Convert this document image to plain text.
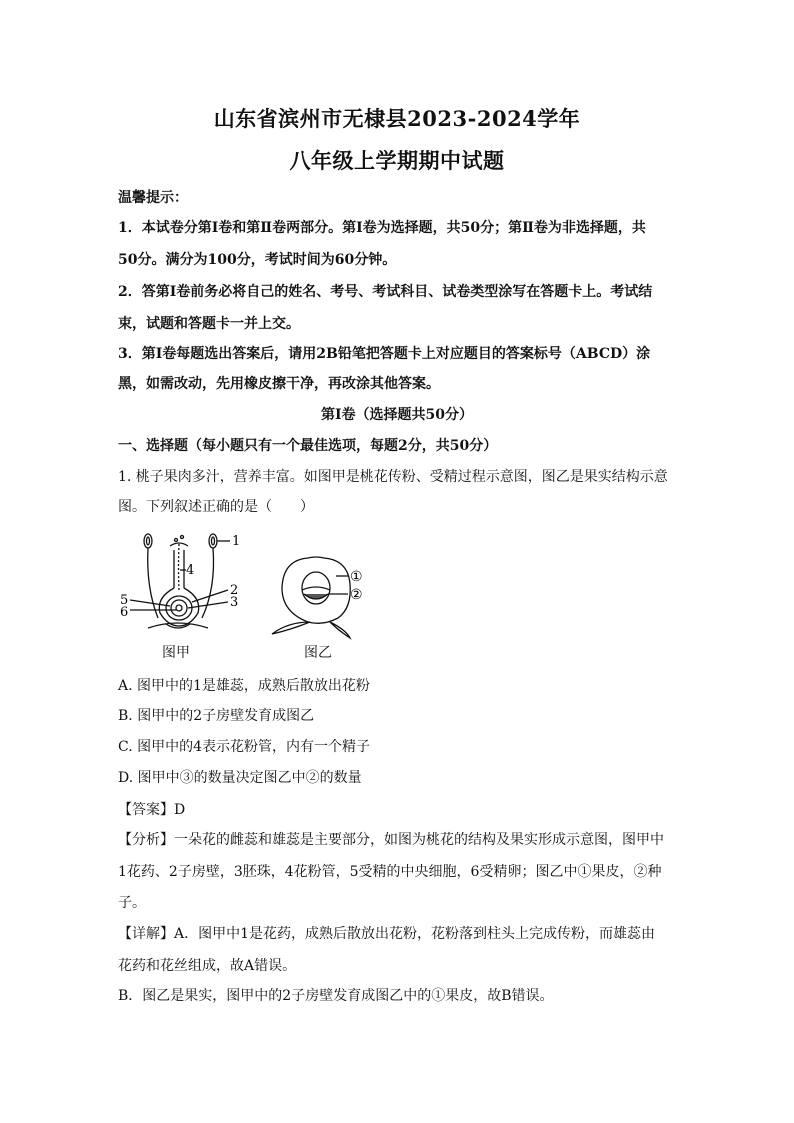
山东省滨州市无棣县2023-2024学年
八年级上学期期中试题
温馨提示：
1．本试卷分第Ⅰ卷和第Ⅱ卷两部分。第Ⅰ卷为选择题，共50分；第Ⅱ卷为非选择题，共
50分。满分为100分，考试时间为60分钟。
2．答第Ⅰ卷前务必将自己的姓名、考号、考试科目、试卷类型涂写在答题卡上。考试结
束，试题和答题卡一并上交。
3．第Ⅰ卷每题选出答案后，请用2B铅笔把答题卡上对应题目的答案标号（ABCD）涂
黑，如需改动，先用橡皮擦干净，再改涂其他答案。
第Ⅰ卷（选择题共50分）
一、选择题（每小题只有一个最佳选项，每题2分，共50分）
1. 桃子果肉多汁，营养丰富。如图甲是桃花传粉、受精过程示意图，图乙是果实结构示意
图。下列叙述正确的是（　　）
1
2
3
4
5
6
图甲
①
②
图乙
A. 图甲中的1是雄蕊，成熟后散放出花粉
B. 图甲中的2子房壁发育成图乙
C. 图甲中的4表示花粉管，内有一个精子
D. 图甲中③的数量决定图乙中②的数量
【答案】D
【分析】一朵花的雌蕊和雄蕊是主要部分，如图为桃花的结构及果实形成示意图，图甲中
1花药、2子房壁，3胚珠，4花粉管，5受精的中央细胞，6受精卵；图乙中①果皮，②种
子。
【详解】A．图甲中1是花药，成熟后散放出花粉，花粉落到柱头上完成传粉，而雄蕊由
花药和花丝组成，故A错误。
B．图乙是果实，图甲中的2子房壁发育成图乙中的①果皮，故B错误。
